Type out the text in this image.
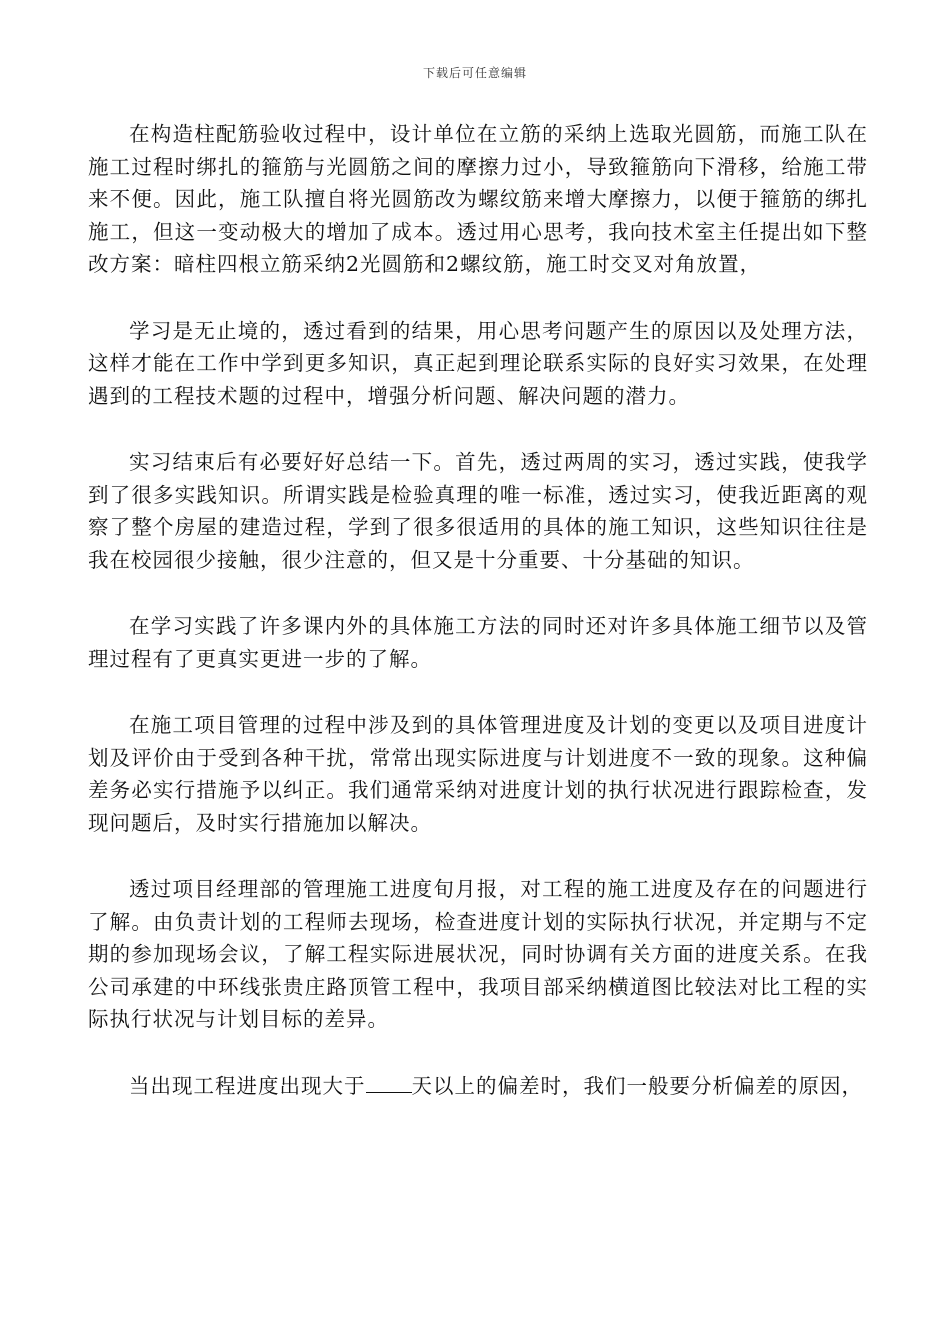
下载后可任意编辑

在构造柱配筋验收过程中，设计单位在立筋的采纳上选取光圆筋，而施工队在施工过程时绑扎的箍筋与光圆筋之间的摩擦力过小，导致箍筋向下滑移，给施工带来不便。因此，施工队擅自将光圆筋改为螺纹筋来增大摩擦力，以便于箍筋的绑扎施工，但这一变动极大的增加了成本。透过用心思考，我向技术室主任提出如下整改方案：暗柱四根立筋采纳2光圆筋和2螺纹筋，施工时交叉对角放置，

学习是无止境的，透过看到的结果，用心思考问题产生的原因以及处理方法，这样才能在工作中学到更多知识，真正起到理论联系实际的良好实习效果，在处理遇到的工程技术题的过程中，增强分析问题、解决问题的潜力。

实习结束后有必要好好总结一下。首先，透过两周的实习，透过实践，使我学到了很多实践知识。所谓实践是检验真理的唯一标准，透过实习，使我近距离的观察了整个房屋的建造过程，学到了很多很适用的具体的施工知识，这些知识往往是我在校园很少接触，很少注意的，但又是十分重要、十分基础的知识。

在学习实践了许多课内外的具体施工方法的同时还对许多具体施工细节以及管理过程有了更真实更进一步的了解。

在施工项目管理的过程中涉及到的具体管理进度及计划的变更以及项目进度计划及评价由于受到各种干扰，常常出现实际进度与计划进度不一致的现象。这种偏差务必实行措施予以纠正。我们通常采纳对进度计划的执行状况进行跟踪检查，发现问题后，及时实行措施加以解决。

透过项目经理部的管理施工进度旬月报，对工程的施工进度及存在的问题进行了解。由负责计划的工程师去现场，检查进度计划的实际执行状况，并定期与不定期的参加现场会议，了解工程实际进展状况，同时协调有关方面的进度关系。在我公司承建的中环线张贵庄路顶管工程中，我项目部采纳横道图比较法对比工程的实际执行状况与计划目标的差异。

当出现工程进度出现大于 天以上的偏差时，我们一般要分析偏差的原因，
